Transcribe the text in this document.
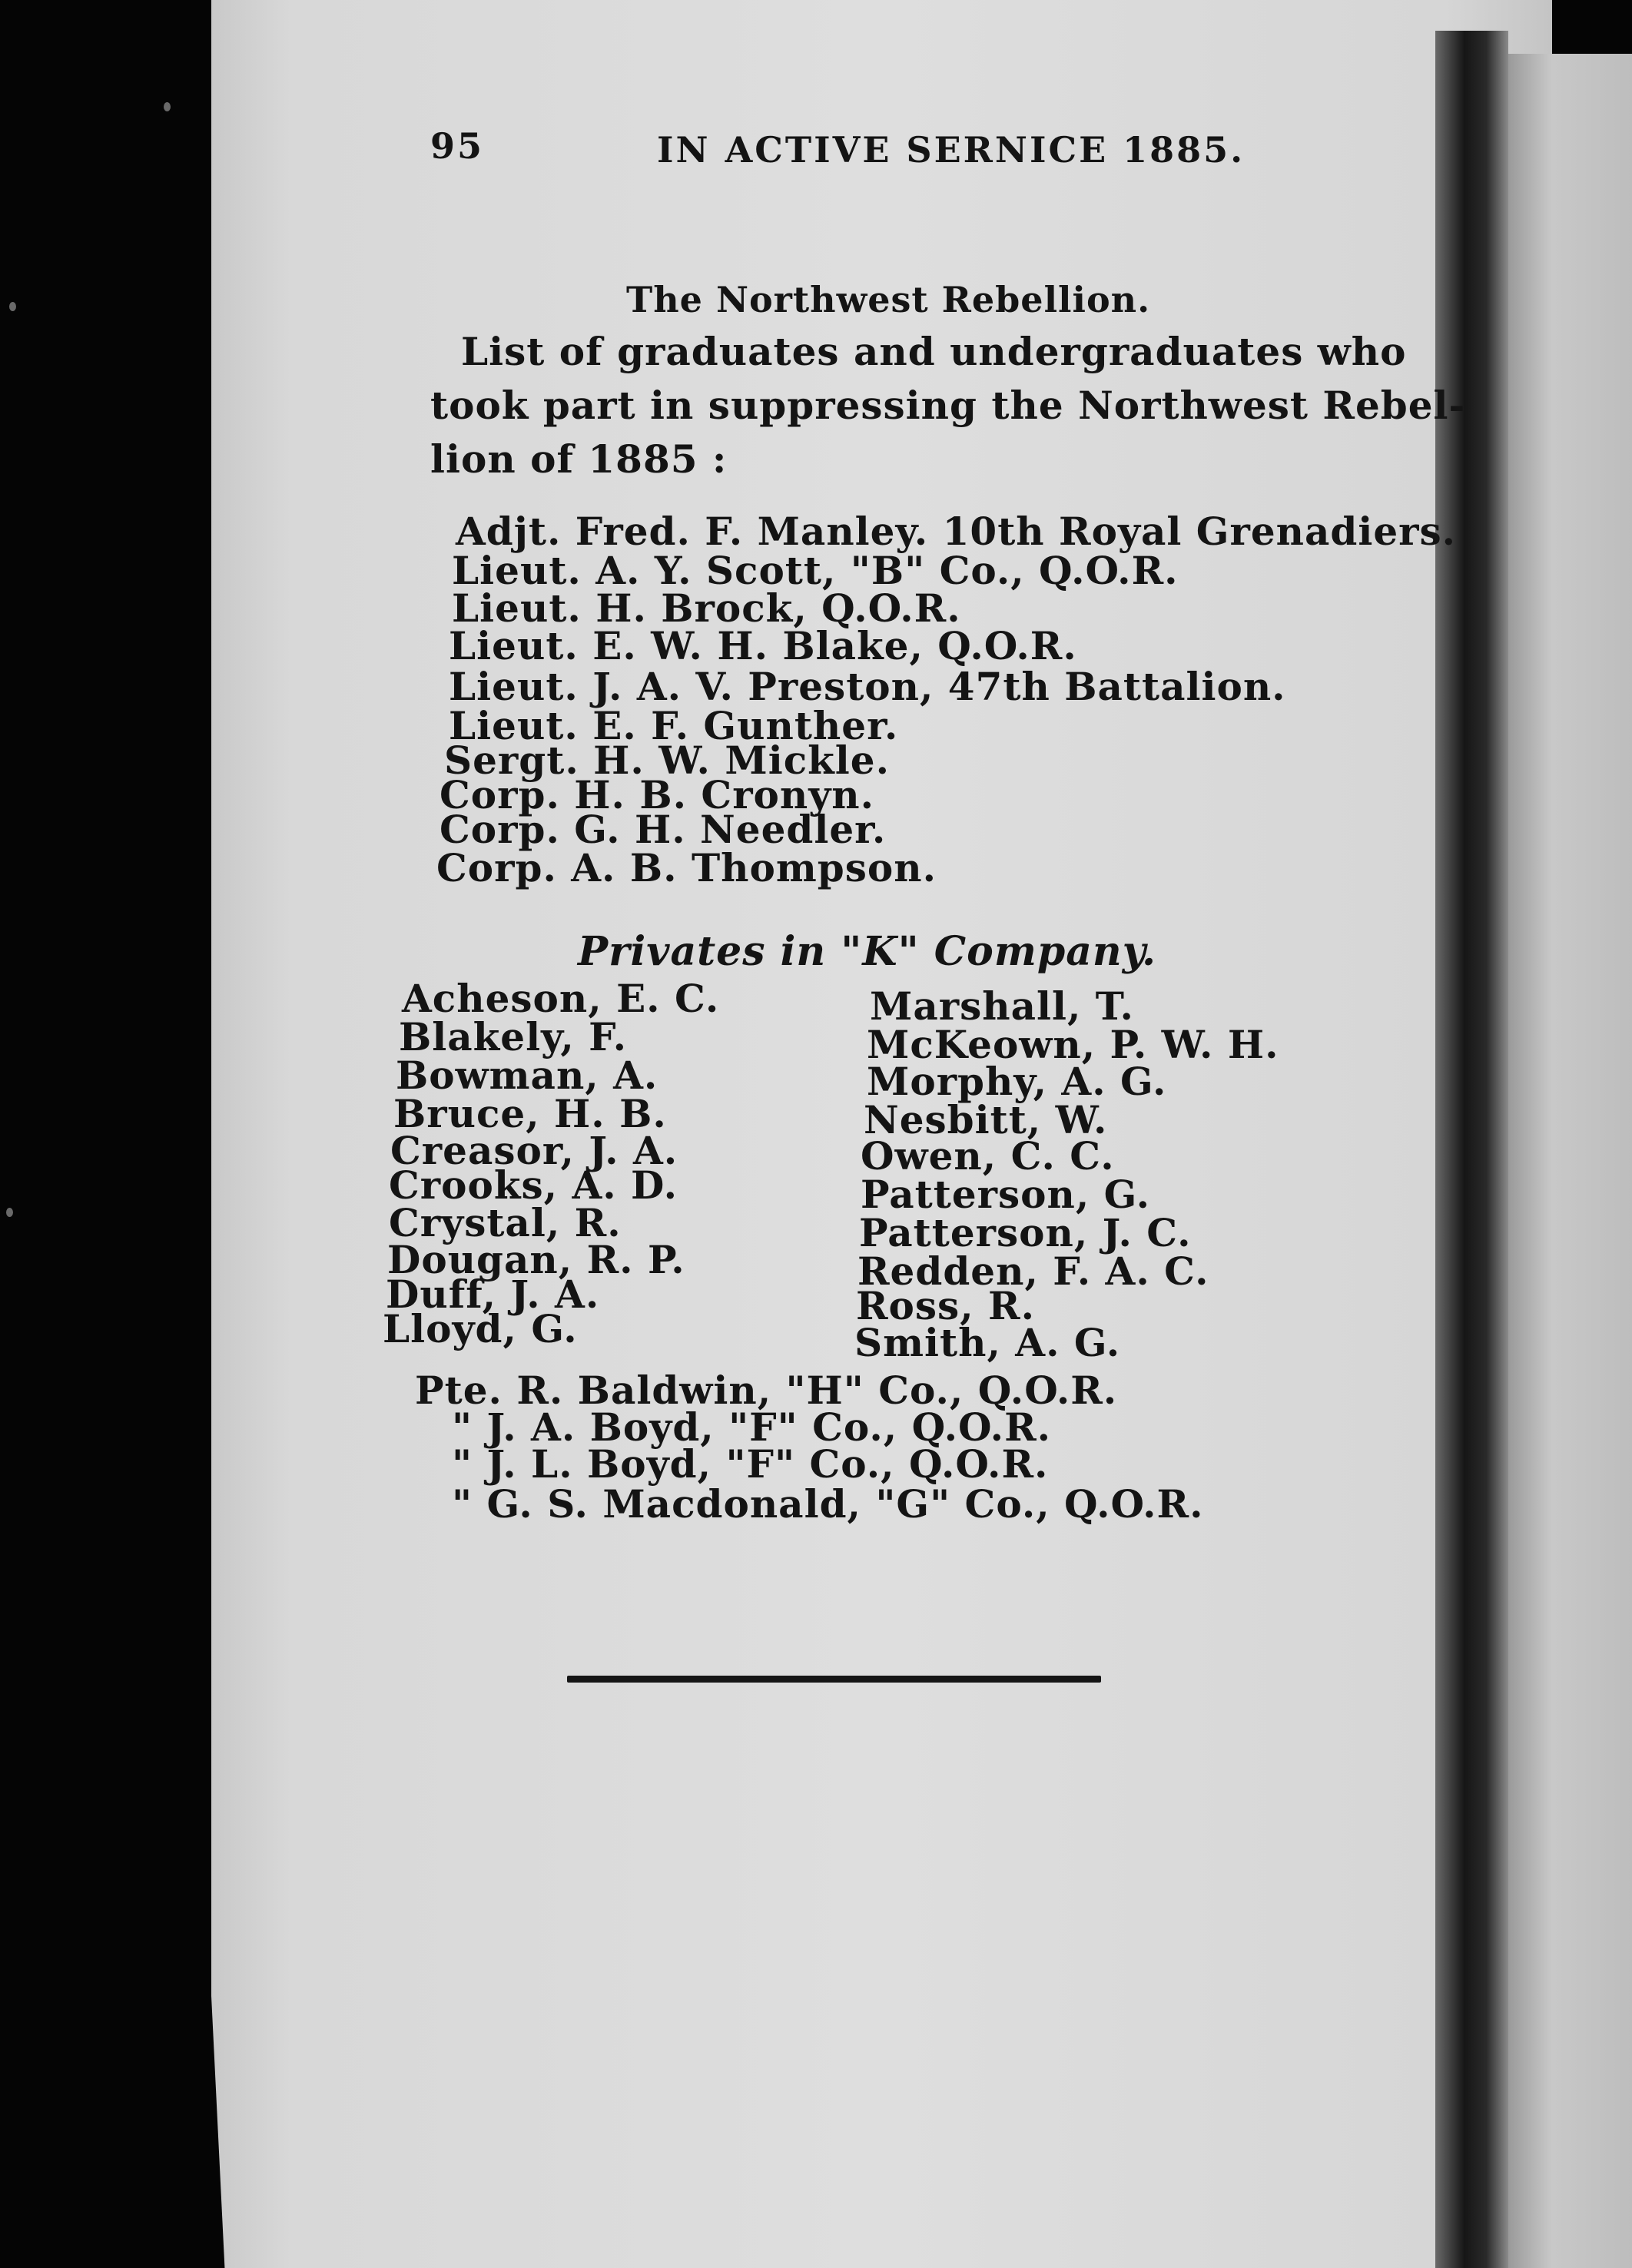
95	IN ACTIVE SERNICE 1885.
The Northwest Rebellion.
List of graduates and undergraduates who
took part in suppressing the Northwest Rebel-
lion of 1885 :
Adjt. Fred. F. Manley. 10th Royal Grenadiers.
Lieut. A. Y. Scott, "B" Co., Q.O.R.
Lieut. H. Brock, Q.O.R.
Lieut. E. W. H. Blake, Q.O.R.
Lieut. J. A. V. Preston, 47th Battalion.
Lieut. E. F. Gunther.
Sergt. H. W. Mickle.
Corp. H. B. Cronyn.
Corp. G. H. Needler.
Corp. A. B. Thompson.
Privates in "K" Company.
Acheson, E. C.
Blakely, F.
Bowman, A.
Bruce, H. B.
Creasor, J. A.
Crooks, A. D.
Crystal, R.
Dougan, R. P.
Duff, J. A.
Lloyd, G.
Marshall, T.
McKeown, P. W. H.
Morphy, A. G.
Nesbitt, W.
Owen, C. C.
Patterson, G.
Patterson, J. C.
Redden, F. A. C.
Ross, R.
Smith, A. G.
Pte. R. Baldwin, "H" Co., Q.O.R.
" J. A. Boyd, "F" Co., Q.O.R.
" J. L. Boyd, "F" Co., Q.O.R.
" G. S. Macdonald, "G" Co., Q.O.R.
